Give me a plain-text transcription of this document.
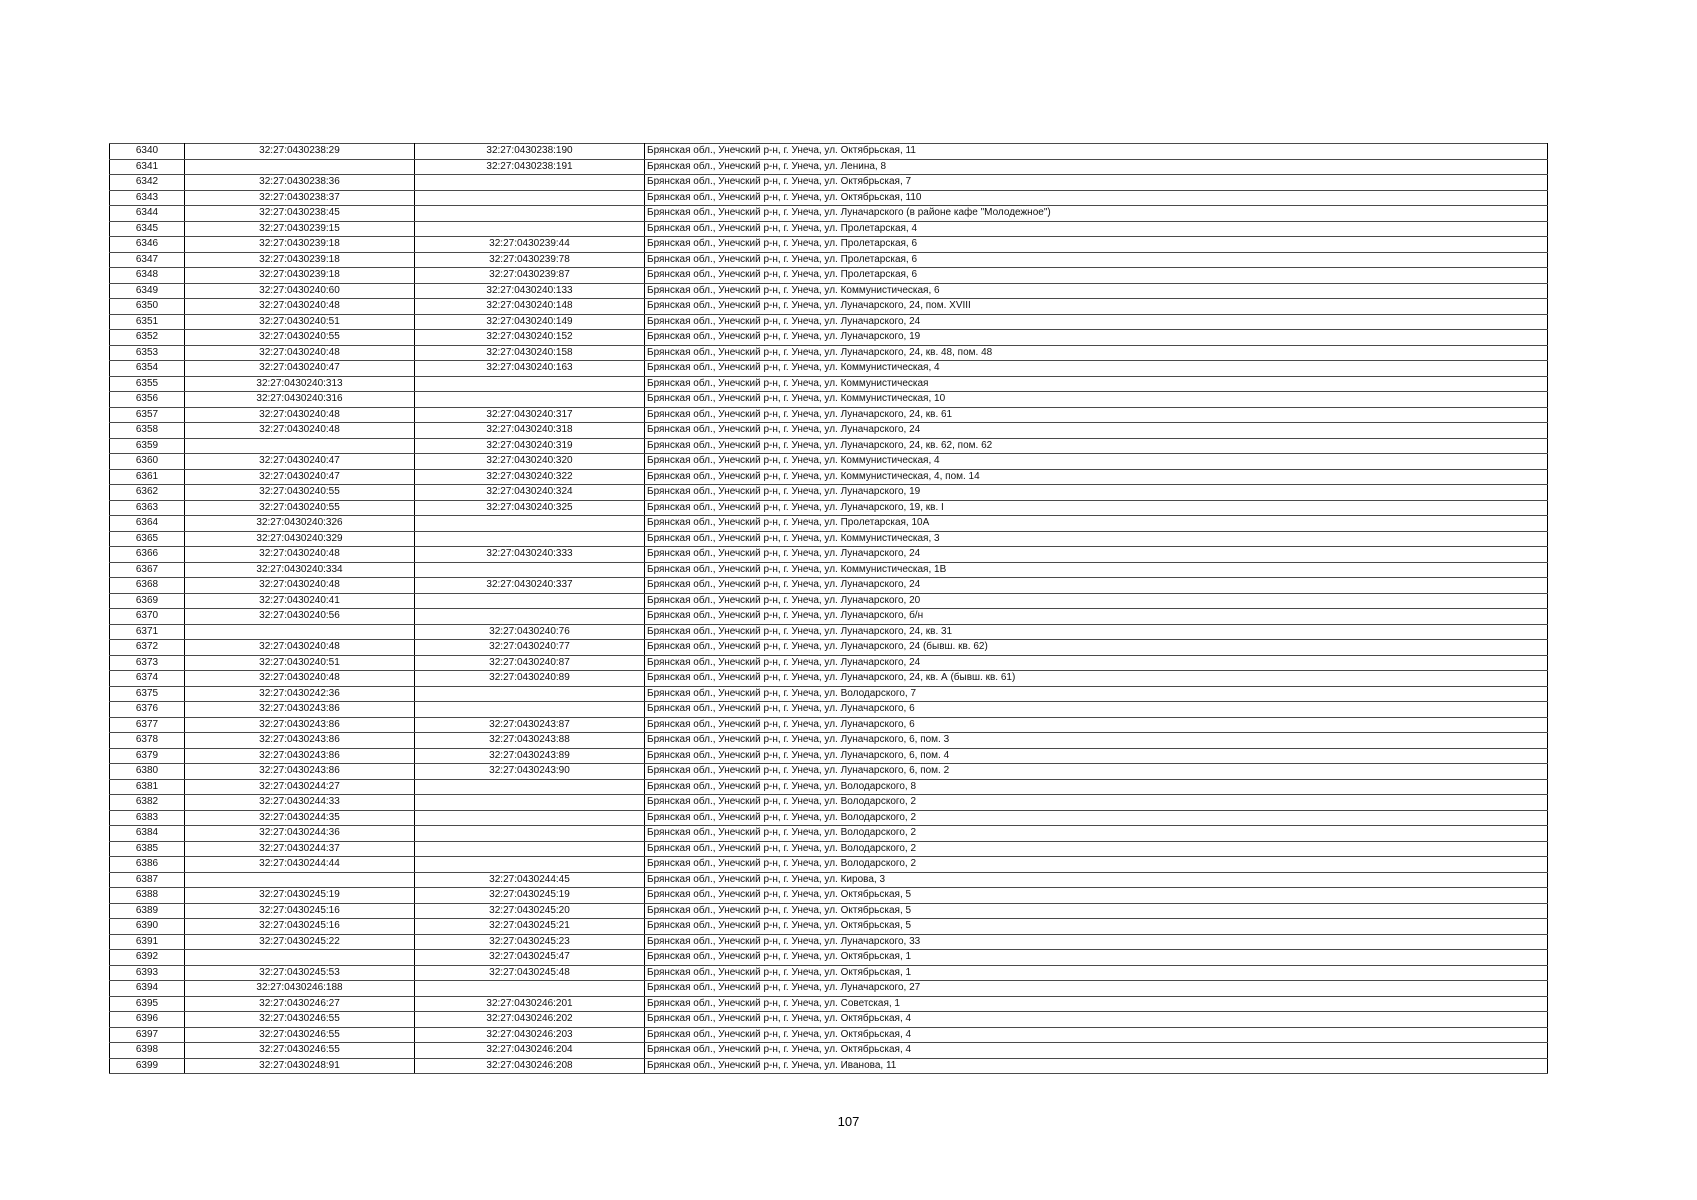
6340	32:27:0430238:29	32:27:0430238:190	Брянская обл., Унечский р-н, г. Унеча, ул. Октябрьская, 11
6341		32:27:0430238:191	Брянская обл., Унечский р-н, г. Унеча, ул. Ленина, 8
6342	32:27:0430238:36		Брянская обл., Унечский р-н, г. Унеча, ул. Октябрьская, 7
6343	32:27:0430238:37		Брянская обл., Унечский р-н, г. Унеча, ул. Октябрьская, 110
6344	32:27:0430238:45		Брянская обл., Унечский р-н, г. Унеча, ул. Луначарского (в районе кафе "Молодежное")
6345	32:27:0430239:15		Брянская обл., Унечский р-н, г. Унеча, ул. Пролетарская, 4
6346	32:27:0430239:18	32:27:0430239:44	Брянская обл., Унечский р-н, г. Унеча, ул. Пролетарская, 6
6347	32:27:0430239:18	32:27:0430239:78	Брянская обл., Унечский р-н, г. Унеча, ул. Пролетарская, 6
6348	32:27:0430239:18	32:27:0430239:87	Брянская обл., Унечский р-н, г. Унеча, ул. Пролетарская, 6
6349	32:27:0430240:60	32:27:0430240:133	Брянская обл., Унечский р-н, г. Унеча, ул. Коммунистическая, 6
6350	32:27:0430240:48	32:27:0430240:148	Брянская обл., Унечский р-н, г. Унеча, ул. Луначарского, 24, пом. XVIII
6351	32:27:0430240:51	32:27:0430240:149	Брянская обл., Унечский р-н, г. Унеча, ул. Луначарского, 24
6352	32:27:0430240:55	32:27:0430240:152	Брянская обл., Унечский р-н, г. Унеча, ул. Луначарского, 19
6353	32:27:0430240:48	32:27:0430240:158	Брянская обл., Унечский р-н, г. Унеча, ул. Луначарского, 24, кв. 48, пом. 48
6354	32:27:0430240:47	32:27:0430240:163	Брянская обл., Унечский р-н, г. Унеча, ул. Коммунистическая, 4
6355	32:27:0430240:313		Брянская обл., Унечский р-н, г. Унеча, ул. Коммунистическая
6356	32:27:0430240:316		Брянская обл., Унечский р-н, г. Унеча, ул. Коммунистическая, 10
6357	32:27:0430240:48	32:27:0430240:317	Брянская обл., Унечский р-н, г. Унеча, ул. Луначарского, 24, кв. 61
6358	32:27:0430240:48	32:27:0430240:318	Брянская обл., Унечский р-н, г. Унеча, ул. Луначарского, 24
6359		32:27:0430240:319	Брянская обл., Унечский р-н, г. Унеча, ул. Луначарского, 24, кв. 62, пом. 62
6360	32:27:0430240:47	32:27:0430240:320	Брянская обл., Унечский р-н, г. Унеча, ул. Коммунистическая, 4
6361	32:27:0430240:47	32:27:0430240:322	Брянская обл., Унечский р-н, г. Унеча, ул. Коммунистическая, 4, пом. 14
6362	32:27:0430240:55	32:27:0430240:324	Брянская обл., Унечский р-н, г. Унеча, ул. Луначарского, 19
6363	32:27:0430240:55	32:27:0430240:325	Брянская обл., Унечский р-н, г. Унеча, ул. Луначарского, 19, кв. I
6364	32:27:0430240:326		Брянская обл., Унечский р-н, г. Унеча, ул. Пролетарская, 10А
6365	32:27:0430240:329		Брянская обл., Унечский р-н, г. Унеча, ул. Коммунистическая, 3
6366	32:27:0430240:48	32:27:0430240:333	Брянская обл., Унечский р-н, г. Унеча, ул. Луначарского, 24
6367	32:27:0430240:334		Брянская обл., Унечский р-н, г. Унеча, ул. Коммунистическая, 1В
6368	32:27:0430240:48	32:27:0430240:337	Брянская обл., Унечский р-н, г. Унеча, ул. Луначарского, 24
6369	32:27:0430240:41		Брянская обл., Унечский р-н, г. Унеча, ул. Луначарского, 20
6370	32:27:0430240:56		Брянская обл., Унечский р-н, г. Унеча, ул. Луначарского, б/н
6371		32:27:0430240:76	Брянская обл., Унечский р-н, г. Унеча, ул. Луначарского, 24, кв. 31
6372	32:27:0430240:48	32:27:0430240:77	Брянская обл., Унечский р-н, г. Унеча, ул. Луначарского, 24 (бывш. кв. 62)
6373	32:27:0430240:51	32:27:0430240:87	Брянская обл., Унечский р-н, г. Унеча, ул. Луначарского, 24
6374	32:27:0430240:48	32:27:0430240:89	Брянская обл., Унечский р-н, г. Унеча, ул. Луначарского, 24, кв. А (бывш. кв. 61)
6375	32:27:0430242:36		Брянская обл., Унечский р-н, г. Унеча, ул. Володарского, 7
6376	32:27:0430243:86		Брянская обл., Унечский р-н, г. Унеча, ул. Луначарского, 6
6377	32:27:0430243:86	32:27:0430243:87	Брянская обл., Унечский р-н, г. Унеча, ул. Луначарского, 6
6378	32:27:0430243:86	32:27:0430243:88	Брянская обл., Унечский р-н, г. Унеча, ул. Луначарского, 6, пом. 3
6379	32:27:0430243:86	32:27:0430243:89	Брянская обл., Унечский р-н, г. Унеча, ул. Луначарского, 6, пом. 4
6380	32:27:0430243:86	32:27:0430243:90	Брянская обл., Унечский р-н, г. Унеча, ул. Луначарского, 6, пом. 2
6381	32:27:0430244:27		Брянская обл., Унечский р-н, г. Унеча, ул. Володарского, 8
6382	32:27:0430244:33		Брянская обл., Унечский р-н, г. Унеча, ул. Володарского, 2
6383	32:27:0430244:35		Брянская обл., Унечский р-н, г. Унеча, ул. Володарского, 2
6384	32:27:0430244:36		Брянская обл., Унечский р-н, г. Унеча, ул. Володарского, 2
6385	32:27:0430244:37		Брянская обл., Унечский р-н, г. Унеча, ул. Володарского, 2
6386	32:27:0430244:44		Брянская обл., Унечский р-н, г. Унеча, ул. Володарского, 2
6387		32:27:0430244:45	Брянская обл., Унечский р-н, г. Унеча, ул. Кирова, 3
6388	32:27:0430245:19	32:27:0430245:19	Брянская обл., Унечский р-н, г. Унеча, ул. Октябрьская, 5
6389	32:27:0430245:16	32:27:0430245:20	Брянская обл., Унечский р-н, г. Унеча, ул. Октябрьская, 5
6390	32:27:0430245:16	32:27:0430245:21	Брянская обл., Унечский р-н, г. Унеча, ул. Октябрьская, 5
6391	32:27:0430245:22	32:27:0430245:23	Брянская обл., Унечский р-н, г. Унеча, ул. Луначарского, 33
6392		32:27:0430245:47	Брянская обл., Унечский р-н, г. Унеча, ул. Октябрьская, 1
6393	32:27:0430245:53	32:27:0430245:48	Брянская обл., Унечский р-н, г. Унеча, ул. Октябрьская, 1
6394	32:27:0430246:188		Брянская обл., Унечский р-н, г. Унеча, ул. Луначарского, 27
6395	32:27:0430246:27	32:27:0430246:201	Брянская обл., Унечский р-н, г. Унеча, ул. Советская, 1
6396	32:27:0430246:55	32:27:0430246:202	Брянская обл., Унечский р-н, г. Унеча, ул. Октябрьская, 4
6397	32:27:0430246:55	32:27:0430246:203	Брянская обл., Унечский р-н, г. Унеча, ул. Октябрьская, 4
6398	32:27:0430246:55	32:27:0430246:204	Брянская обл., Унечский р-н, г. Унеча, ул. Октябрьская, 4
6399	32:27:0430248:91	32:27:0430246:208	Брянская обл., Унечский р-н, г. Унеча, ул. Иванова, 11
107
